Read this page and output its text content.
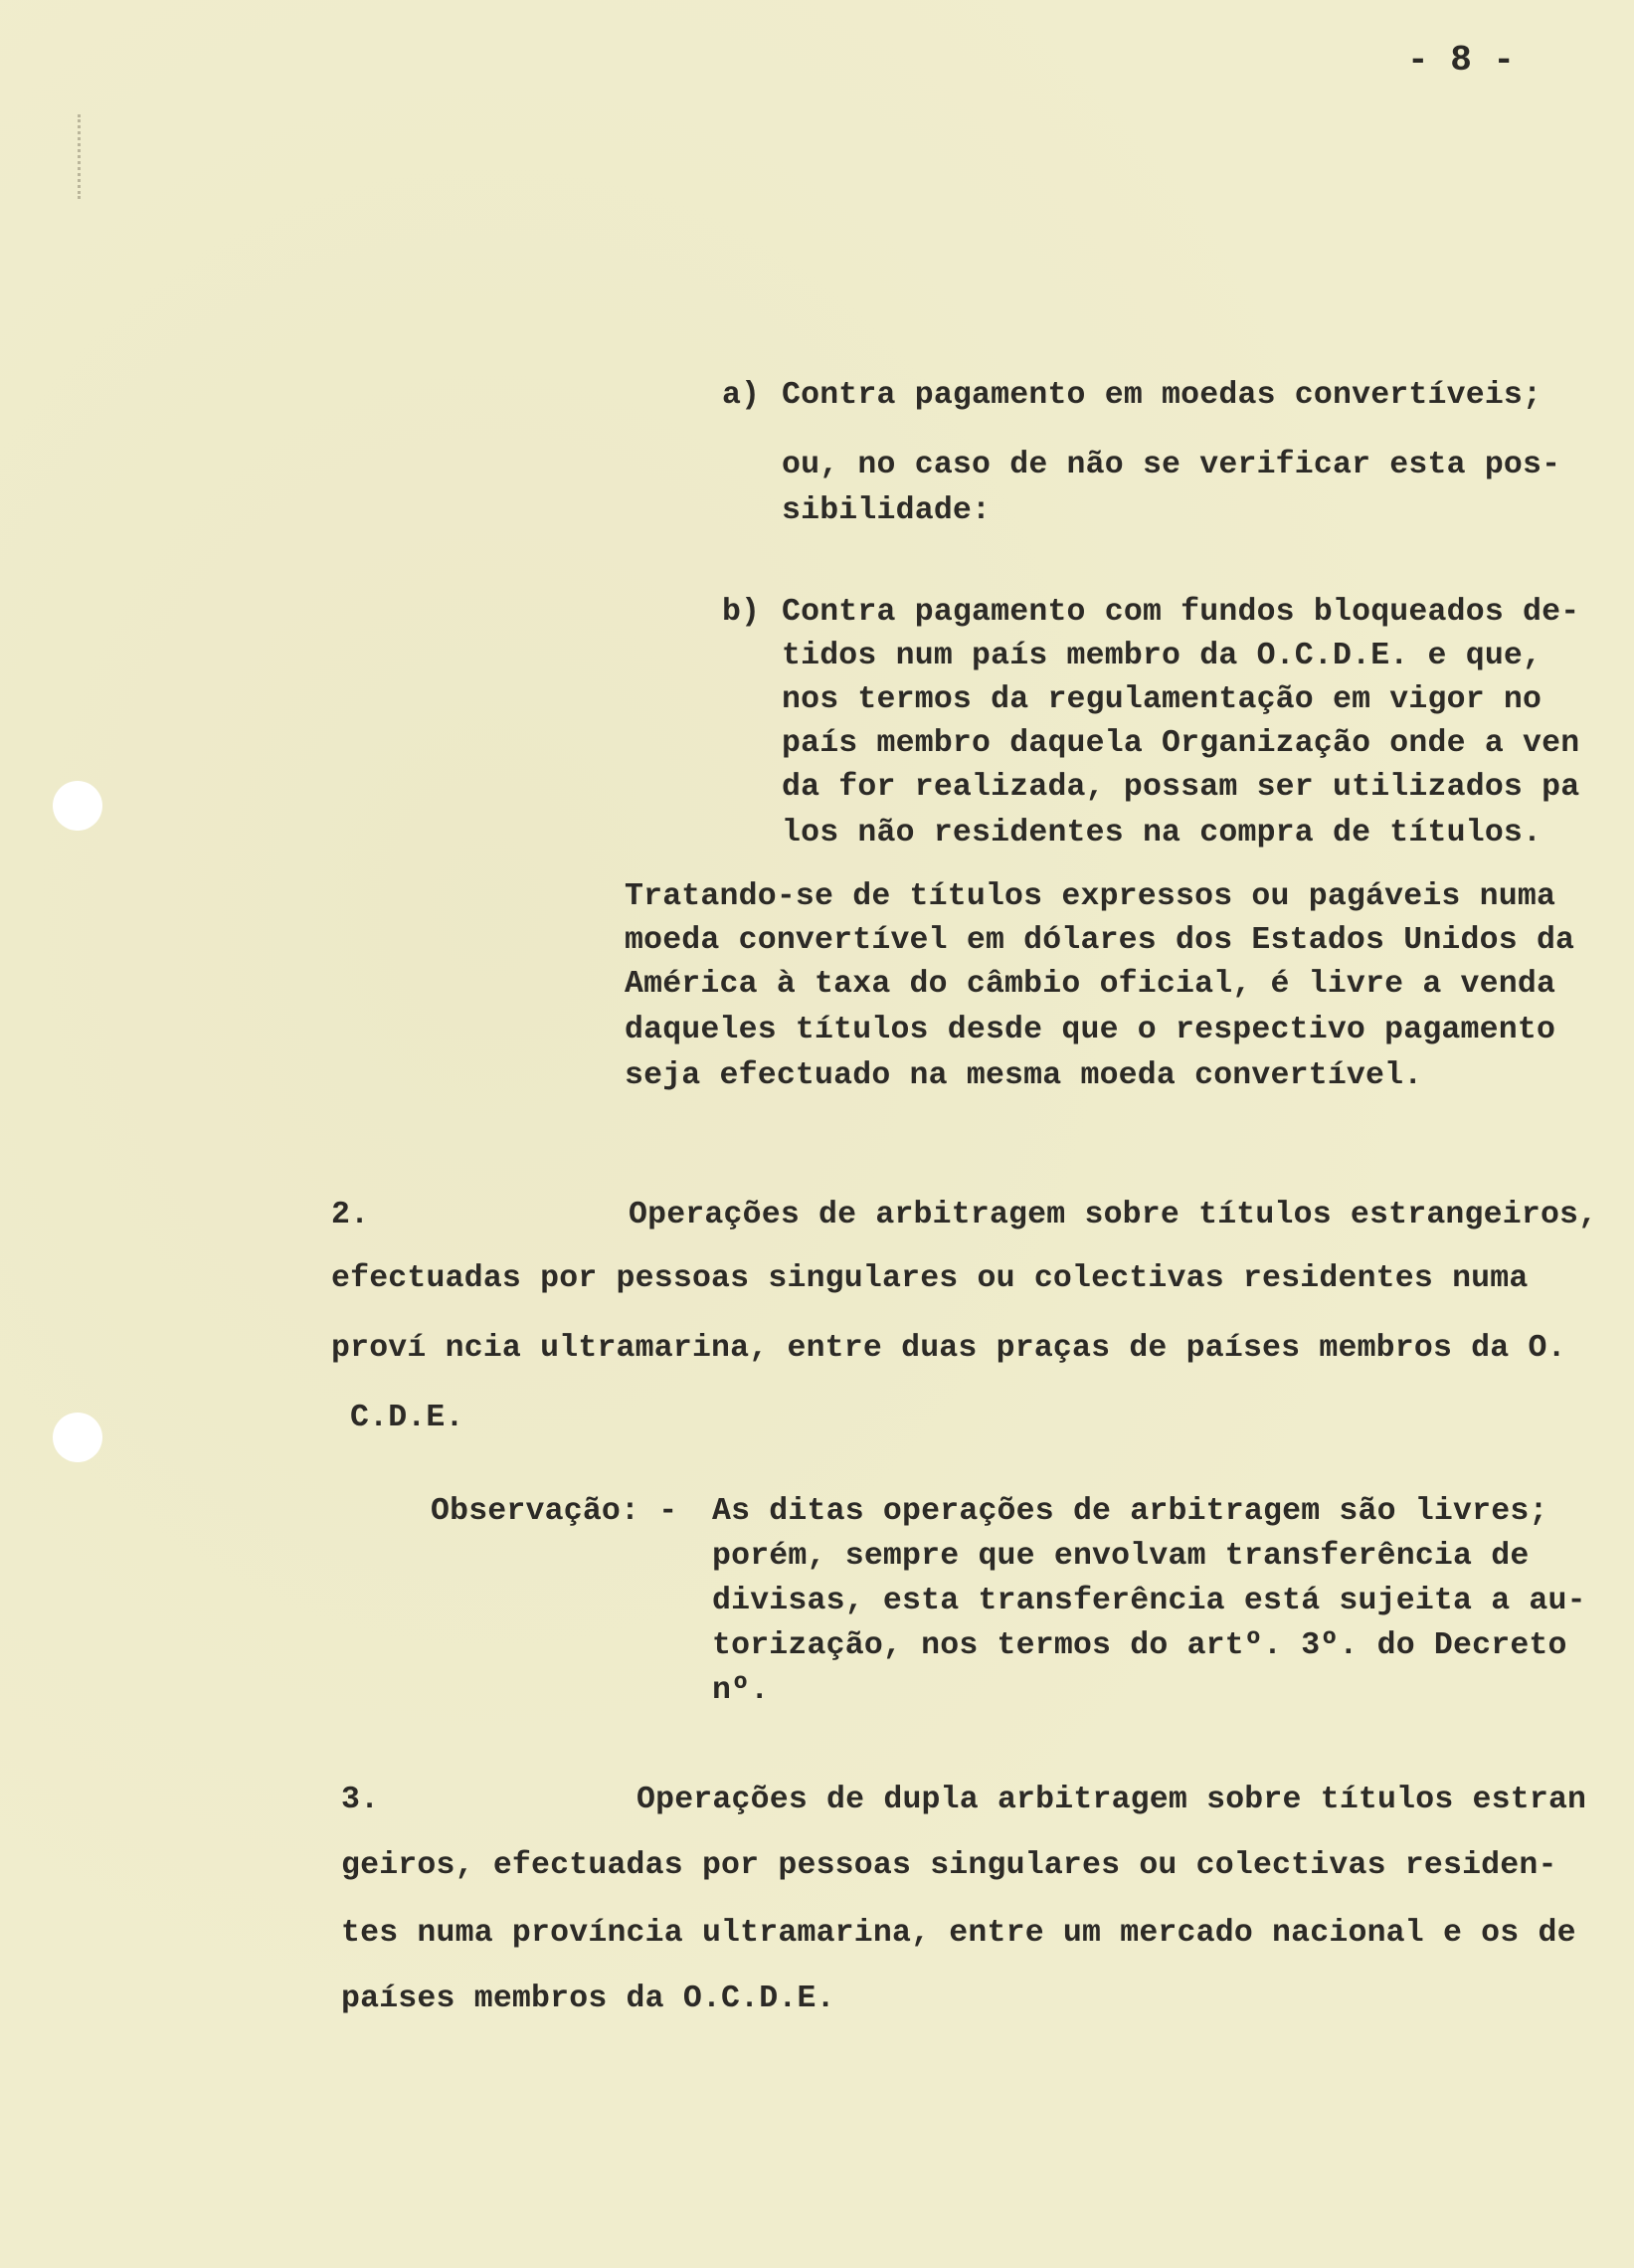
- 8 -
a) Contra pagamento em moedas convertíveis;
ou, no caso de não se verificar esta pos-
sibilidade:
b) Contra pagamento com fundos bloqueados de-
tidos num país membro da O.C.D.E. e que,
nos termos da regulamentação em vigor no
país membro daquela Organização onde a ven
da for realizada, possam ser utilizados pa
los não residentes na compra de títulos.
Tratando-se de títulos expressos ou pagáveis numa
moeda convertível em dólares dos Estados Unidos da
América à taxa do câmbio oficial, é livre a venda
daqueles títulos desde que o respectivo pagamento
seja efectuado na mesma moeda convertível.
2.	Operações de arbitragem sobre títulos estrangeiros,
efectuadas por pessoas singulares ou colectivas residentes numa
proví ncia ultramarina, entre duas praças de países membros da O.
C.D.E.
Observação: - As ditas operações de arbitragem são livres;
porém, sempre que envolvam transferência de
divisas, esta transferência está sujeita a au-
torização, nos termos do artº. 3º. do Decreto
nº.
3.	Operações de dupla arbitragem sobre títulos estran
geiros, efectuadas por pessoas singulares ou colectivas residen-
tes numa província ultramarina, entre um mercado nacional e os de
países membros da O.C.D.E.
